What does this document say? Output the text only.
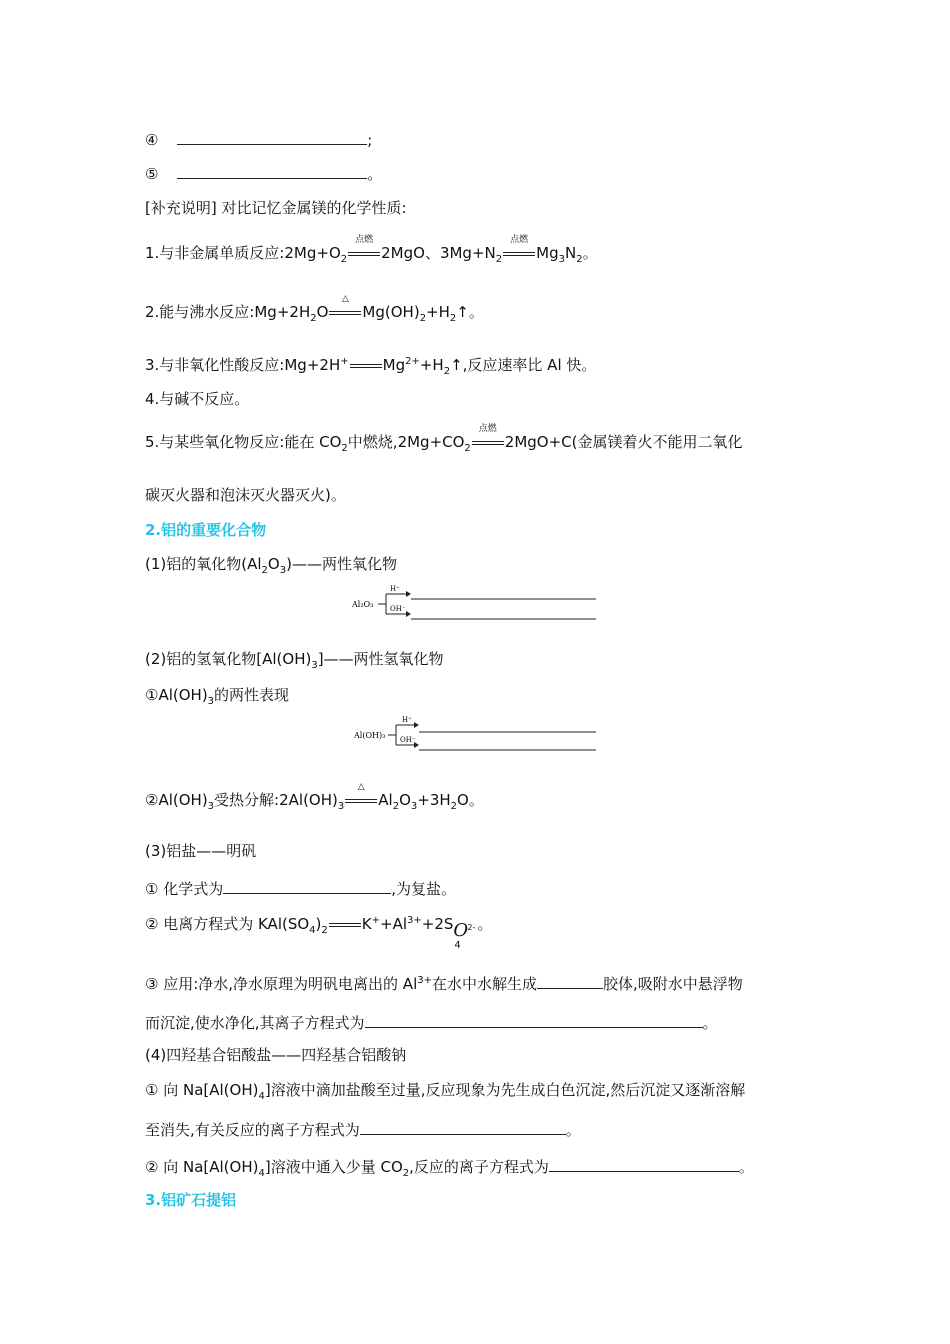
④	;
⑤	。
[补充说明] 对比记忆金属镁的化学性质:
1.与非金属单质反应$:2Mg+O_2$
点燃
2MgO、$3Mg+N_2$
点燃
$Mg_3N_2$。
2.能与沸水反应$:Mg+2H_2O$
△
$Mg(OH)_2+H_2↑$。
3.与非氧化性酸反应:Mg+2H+ $Mg^{2+}+H_2↑$,反应速率比 Al 快。
4.与碱不反应。
5.与某些氧化物反应:能在 $CO_2$中燃烧$,2Mg+CO_2$
点燃
2MgO+C(金属镁着火不能用二氧化
碳灭火器和泡沫灭火器灭火)。
2.铝的重要化合物
(1)铝的氧化物$(Al_2O_3)——$两性氧化物
Al₂O₃
H⁺
OH⁻
(2)铝的氢氧化物$[Al(OH)_3]——$两性氢氧化物
$①Al(OH)_3$的两性表现
Al(OH)₃
H⁺
OH⁻
$②Al(OH)_3$受热分解$:2Al(OH)_3$
△
$Al_2O_3+3H_2O$。
(3)铝盐——明矾
① 化学式为	,为复盐。
② 电离方程式为 $KAl(SO_4)_2$ $K^++Al^{3+}+2S$ O
4
2- 。
③ 应用:净水,净水原理为明矾电离出的 $Al^{3+}$在水中水解生成	胶体,吸附水中悬浮物
而沉淀,使水净化,其离子方程式为	。
(4)四羟基合铝酸盐——四羟基合铝酸钠
① 向 $Na[Al(OH)_4]$溶液中滴加盐酸至过量,反应现象为先生成白色沉淀,然后沉淀又逐渐溶解
至消失,有关反应的离子方程式为	。
② 向 $Na[Al(OH)_4]$溶液中通入少量 $CO_2$,反应的离子方程式为	。
3.铝矿石提铝
